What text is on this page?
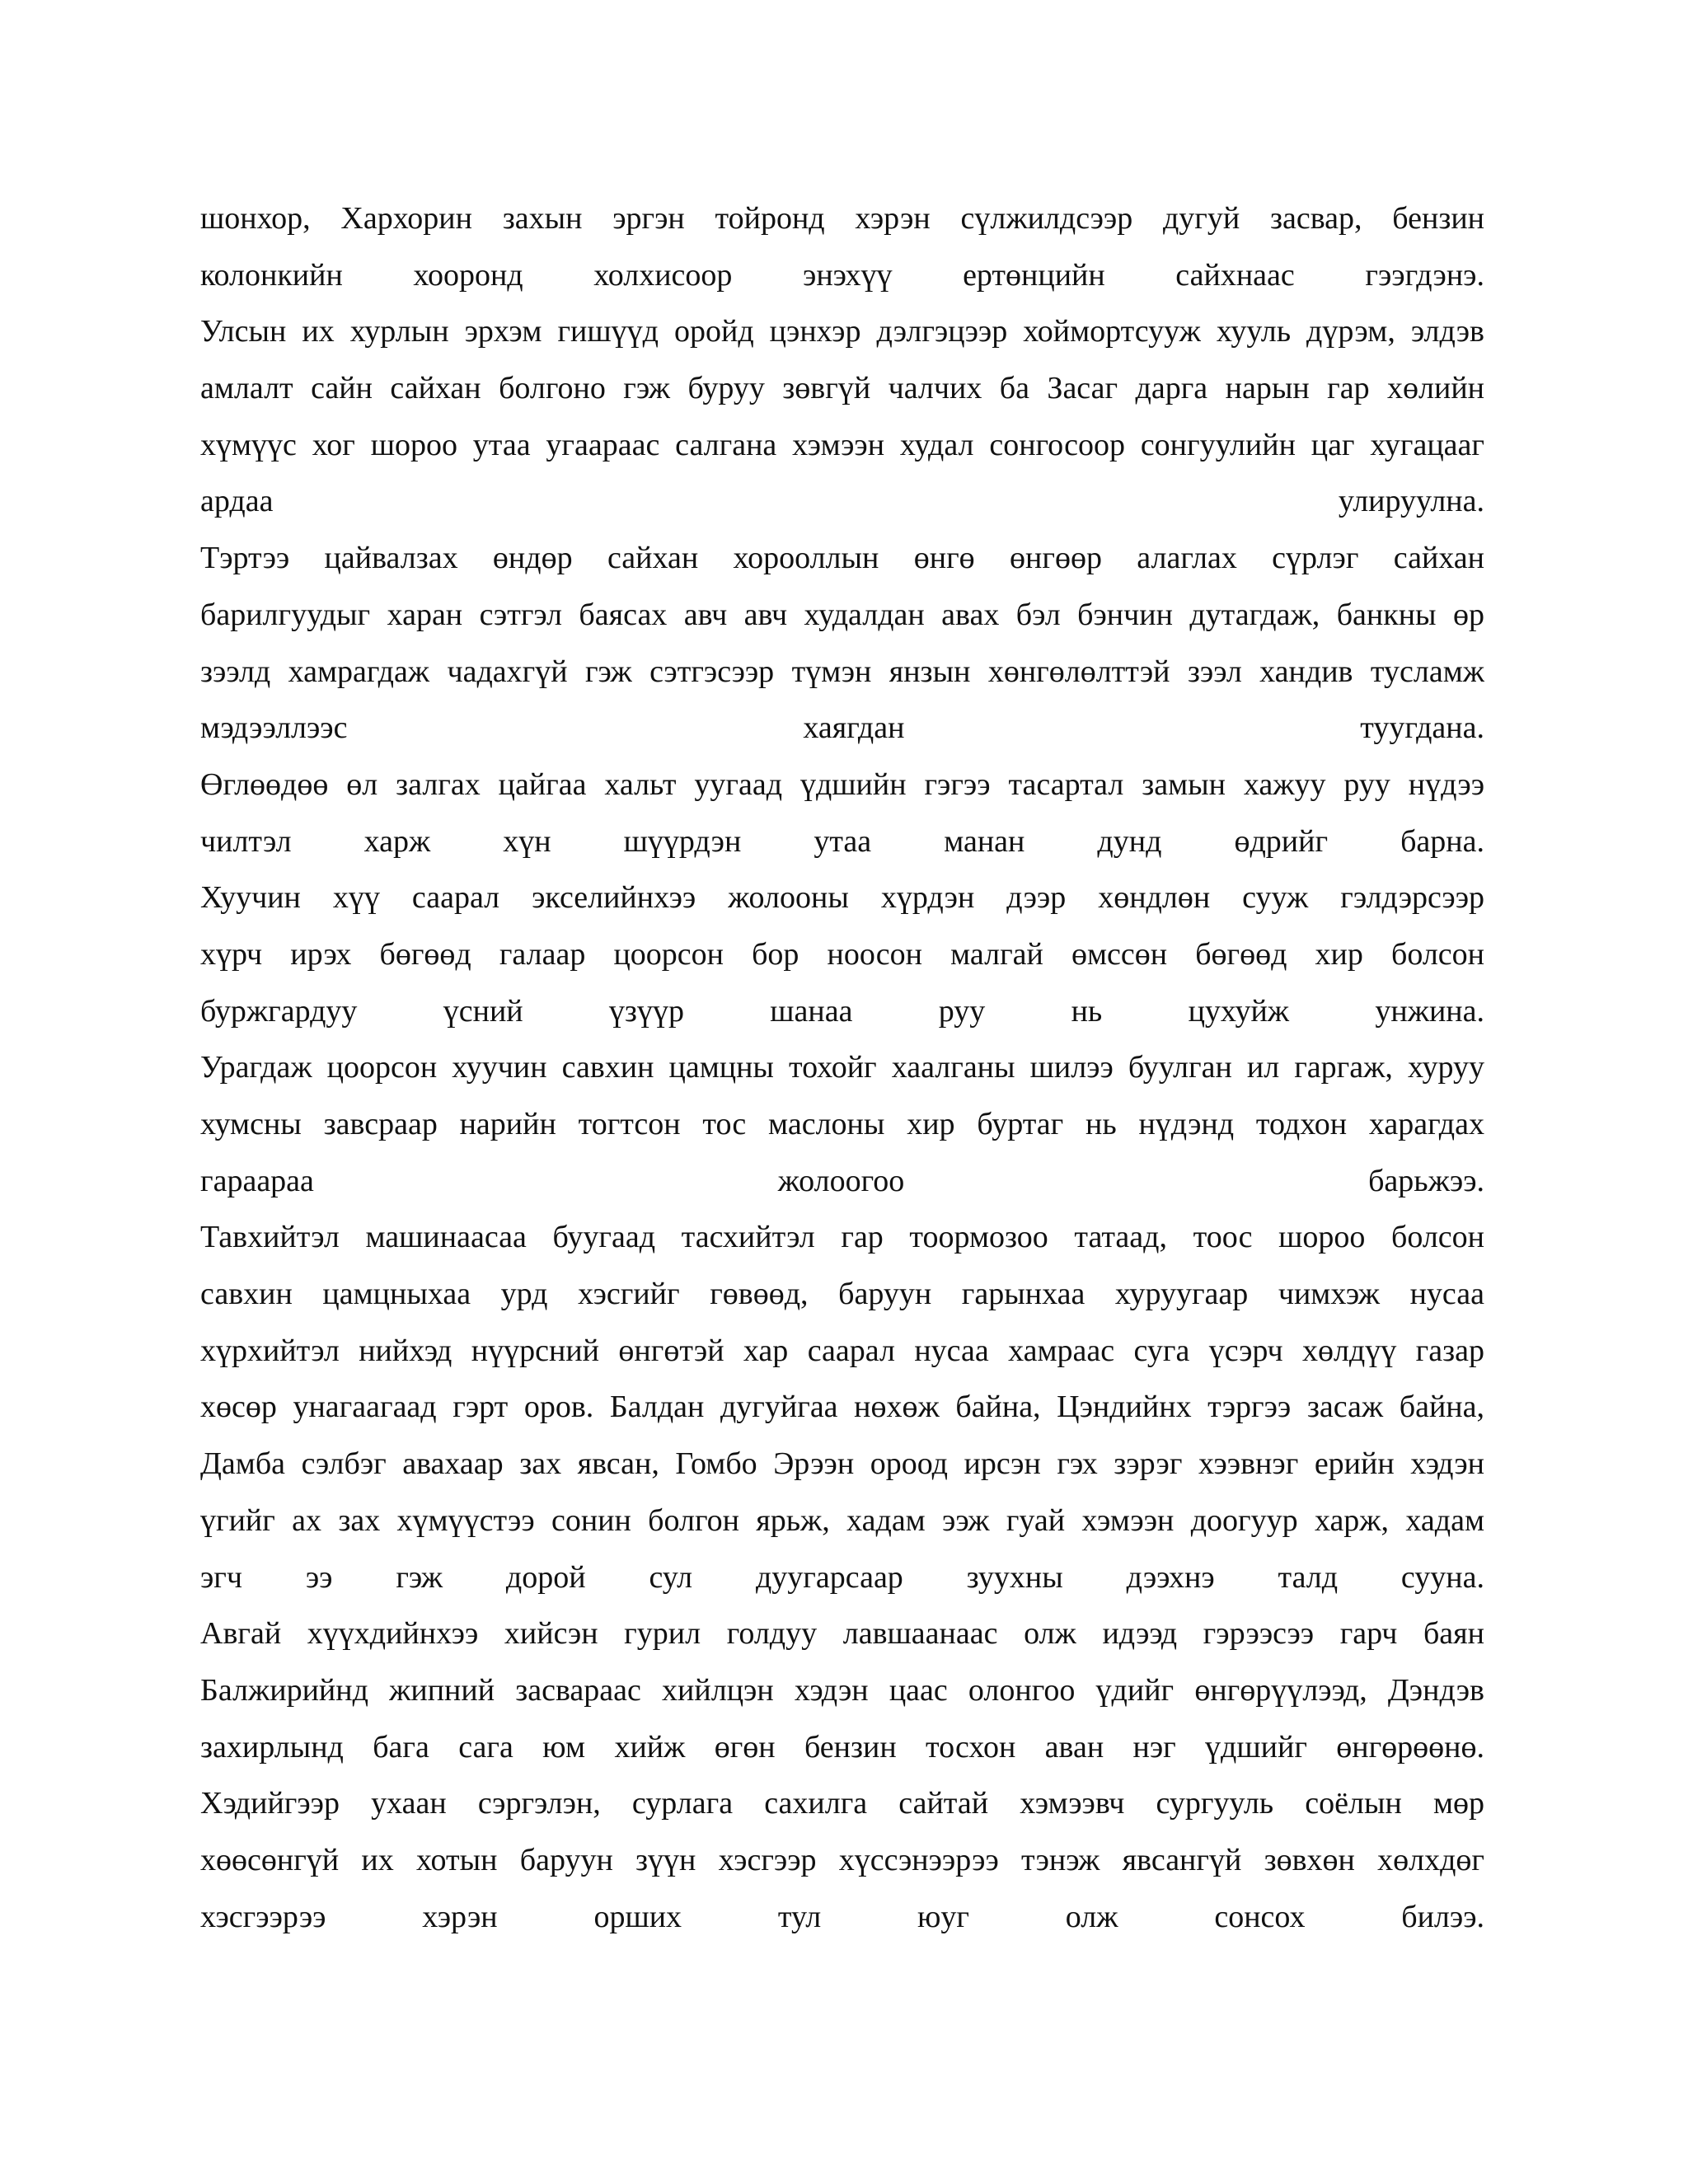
шонхор, Хархорин захын эргэн тойронд хэрэн сүлжилдсээр дугуй засвар, бензин
колонкийн хооронд холхисоор энэхүү ертөнцийн сайхнаас гээгдэнэ.
Улсын их хурлын эрхэм гишүүд оройд цэнхэр дэлгэцээр хоймортсууж хууль дүрэм, элдэв
амлалт сайн сайхан болгоно гэж буруу зөвгүй чалчих ба Засаг дарга нарын гар хөлийн
хүмүүс хог шороо утаа угаараас салгана хэмээн худал сонгосоор сонгуулийн цаг хугацааг
ардаа улируулна.
Тэртээ цайвалзах өндөр сайхан хорооллын өнгө өнгөөр алаглах сүрлэг сайхан
барилгуудыг харан сэтгэл баясах авч авч худалдан авах бэл бэнчин дутагдаж, банкны өр
зээлд хамрагдаж чадахгүй гэж сэтгэсээр түмэн янзын хөнгөлөлттэй зээл хандив тусламж
мэдээллээс хаягдан туугдана.
Өглөөдөө өл залгах цайгаа хальт уугаад үдшийн гэгээ тасартал замын хажуу руу нүдээ
чилтэл харж хүн шүүрдэн утаа манан дунд өдрийг барна.
Хуучин хүү саарал экселийнхээ жолооны хүрдэн дээр хөндлөн сууж гэлдэрсээр
хүрч ирэх бөгөөд галаар цоорсон бор ноосон малгай өмссөн бөгөөд хир болсон
буржгардуу үсний үзүүр шанаа руу нь цухуйж унжина.
Урагдаж цоорсон хуучин савхин цамцны тохойг хаалганы шилээ буулган ил гаргаж, хуруу
хумсны завсраар нарийн тогтсон тос маслоны хир буртаг нь нүдэнд тодхон харагдах
гараараа жолоогоо барьжээ.
Тавхийтэл машинаасаа буугаад тасхийтэл гар тоормозоо татаад, тоос шороо болсон
савхин цамцныхаа урд хэсгийг гөвөөд, баруун гарынхаа хуруугаар чимхэж нусаа
хүрхийтэл нийхэд нүүрсний өнгөтэй хар саарал нусаа хамраас суга үсэрч хөлдүү газар
хөсөр унагаагаад гэрт оров. Балдан дугуйгаа нөхөж байна, Цэндийнх тэргээ засаж байна,
Дамба сэлбэг авахаар зах явсан, Гомбо Эрээн ороод ирсэн гэх зэрэг хээвнэг ерийн хэдэн
үгийг ах зах хүмүүстээ сонин болгон ярьж, хадам ээж гуай хэмээн доогуур харж, хадам
эгч ээ гэж дорой сул дуугарсаар зуухны дээхнэ талд сууна.
Авгай хүүхдийнхээ хийсэн гурил голдуу лавшаанаас олж идээд гэрээсээ гарч баян
Балжирийнд жипний засвараас хийлцэн хэдэн цаас олонгоо үдийг өнгөрүүлээд, Дэндэв
захирлынд бага сага юм хийж өгөн бензин тосхон аван нэг үдшийг өнгөрөөнө.
Хэдийгээр ухаан сэргэлэн, сурлага сахилга сайтай хэмээвч сургууль соёлын мөр
хөөсөнгүй их хотын баруун зүүн хэсгээр хүссэнээрээ тэнэж явсангүй зөвхөн хөлхдөг
хэсгээрээ хэрэн орших тул юуг олж сонсох билээ.
